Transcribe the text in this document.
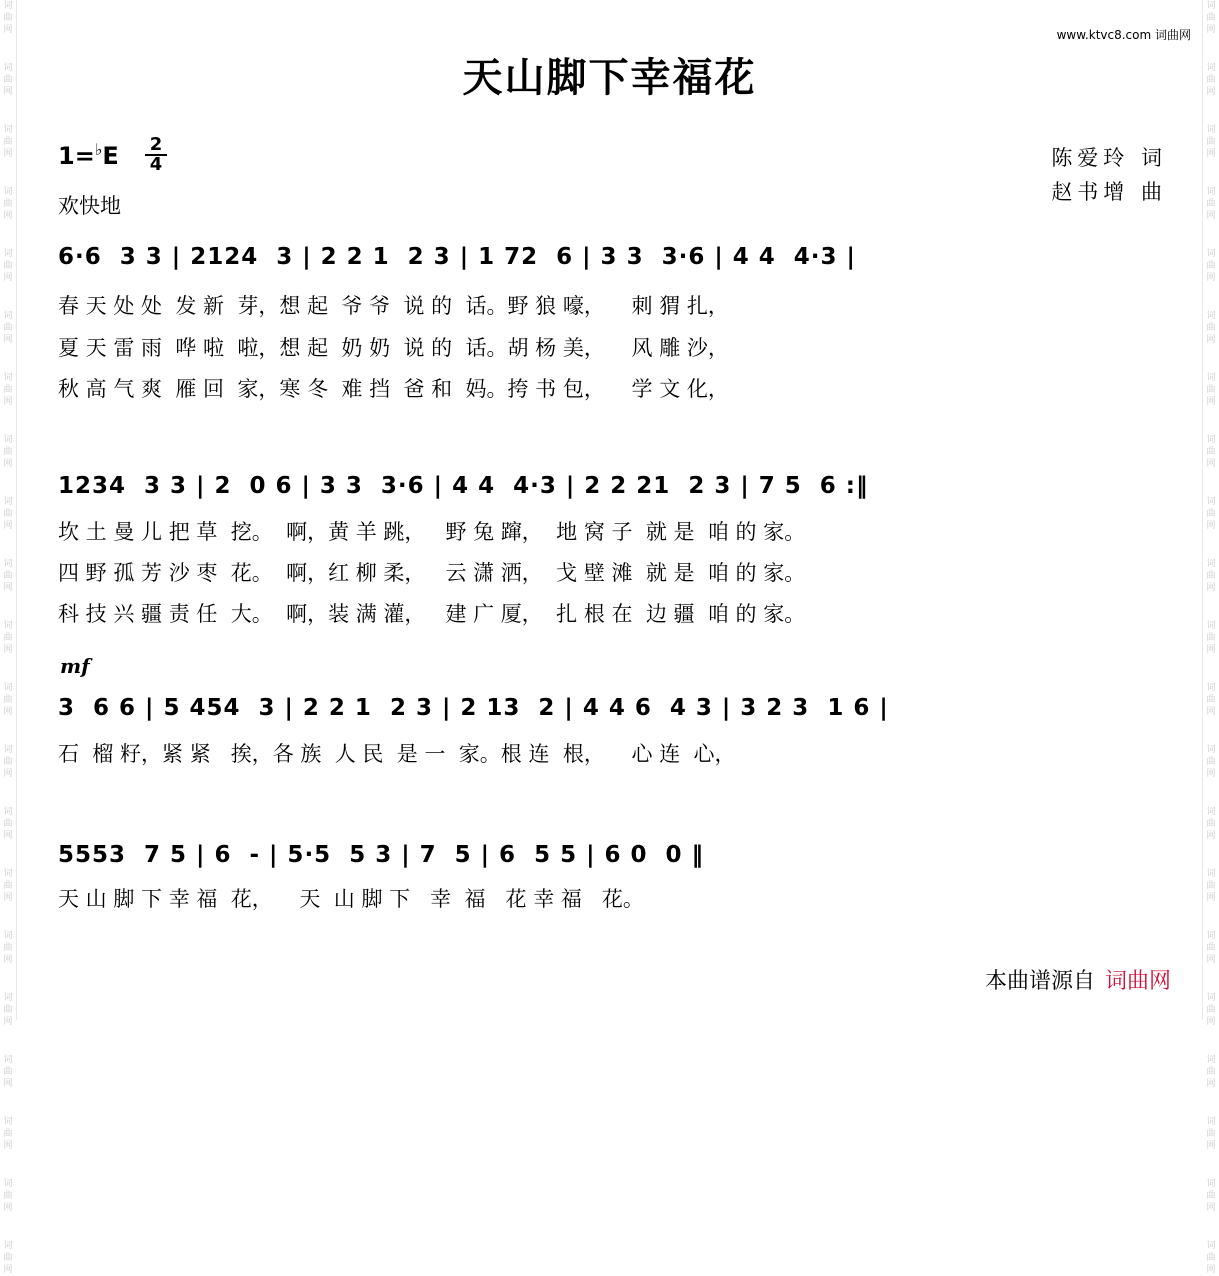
词曲网
词曲网
词曲网
词曲网
词曲网
词曲网
词曲网
词曲网
词曲网
词曲网
词曲网
词曲网
词曲网
词曲网
词曲网
词曲网
词曲网
词曲网
词曲网
词曲网
词曲网
词曲网
词曲网
词曲网
词曲网
词曲网
词曲网
词曲网
词曲网
词曲网
词曲网
词曲网
词曲网
词曲网
词曲网
词曲网
词曲网
词曲网
词曲网
词曲网
词曲网
词曲网
www.ktvc8.com 词曲网
天山脚下幸福花
1=♭E 2
4
欢快地
陈爱玲 词
赵书增 曲
6·6  3 3 | 2124  3 | 2 2 1  2 3 | 1 72  6 | 3 3  3·6 | 4 4  4·3 |
春 天 处 处  发 新  芽，想 起  爷 爷  说 的  话。野 狼 嚎，    刺 猬 扎，
夏 天 雷 雨  哗 啦  啦，想 起  奶 奶  说 的  话。胡 杨 美，    风 雕 沙，
秋 高 气 爽  雁 回  家，寒 冬  难 挡  爸 和  妈。挎 书 包，    学 文 化，
1234  3 3 | 2  0 6 | 3 3  3·6 | 4 4  4·3 | 2 2 21  2 3 | 7 5  6 :‖
坎 土 曼 儿 把 草  挖。  啊，黄 羊 跳，   野 兔 蹿，  地 窝 子  就 是  咱 的 家。
四 野 孤 芳 沙 枣  花。  啊，红 柳 柔，   云 潇 洒，  戈 壁 滩  就 是  咱 的 家。
科 技 兴 疆 责 任  大。  啊，装 满 灌，   建 广 厦，  扎 根 在  边 疆  咱 的 家。
mf
3  6 6 | 5 454  3 | 2 2 1  2 3 | 2 13  2 | 4 4 6  4 3 | 3 2 3  1 6 |
石  榴 籽，紧 紧   挨，各 族  人 民  是 一  家。根 连  根，    心 连  心，
5553  7 5 | 6  - | 5·5  5 3 | 7  5 | 6  5 5 | 6 0  0 ‖
天 山 脚 下 幸 福  花，    天  山 脚 下   幸  福   花 幸 福   花。
本曲谱源自 词曲网
